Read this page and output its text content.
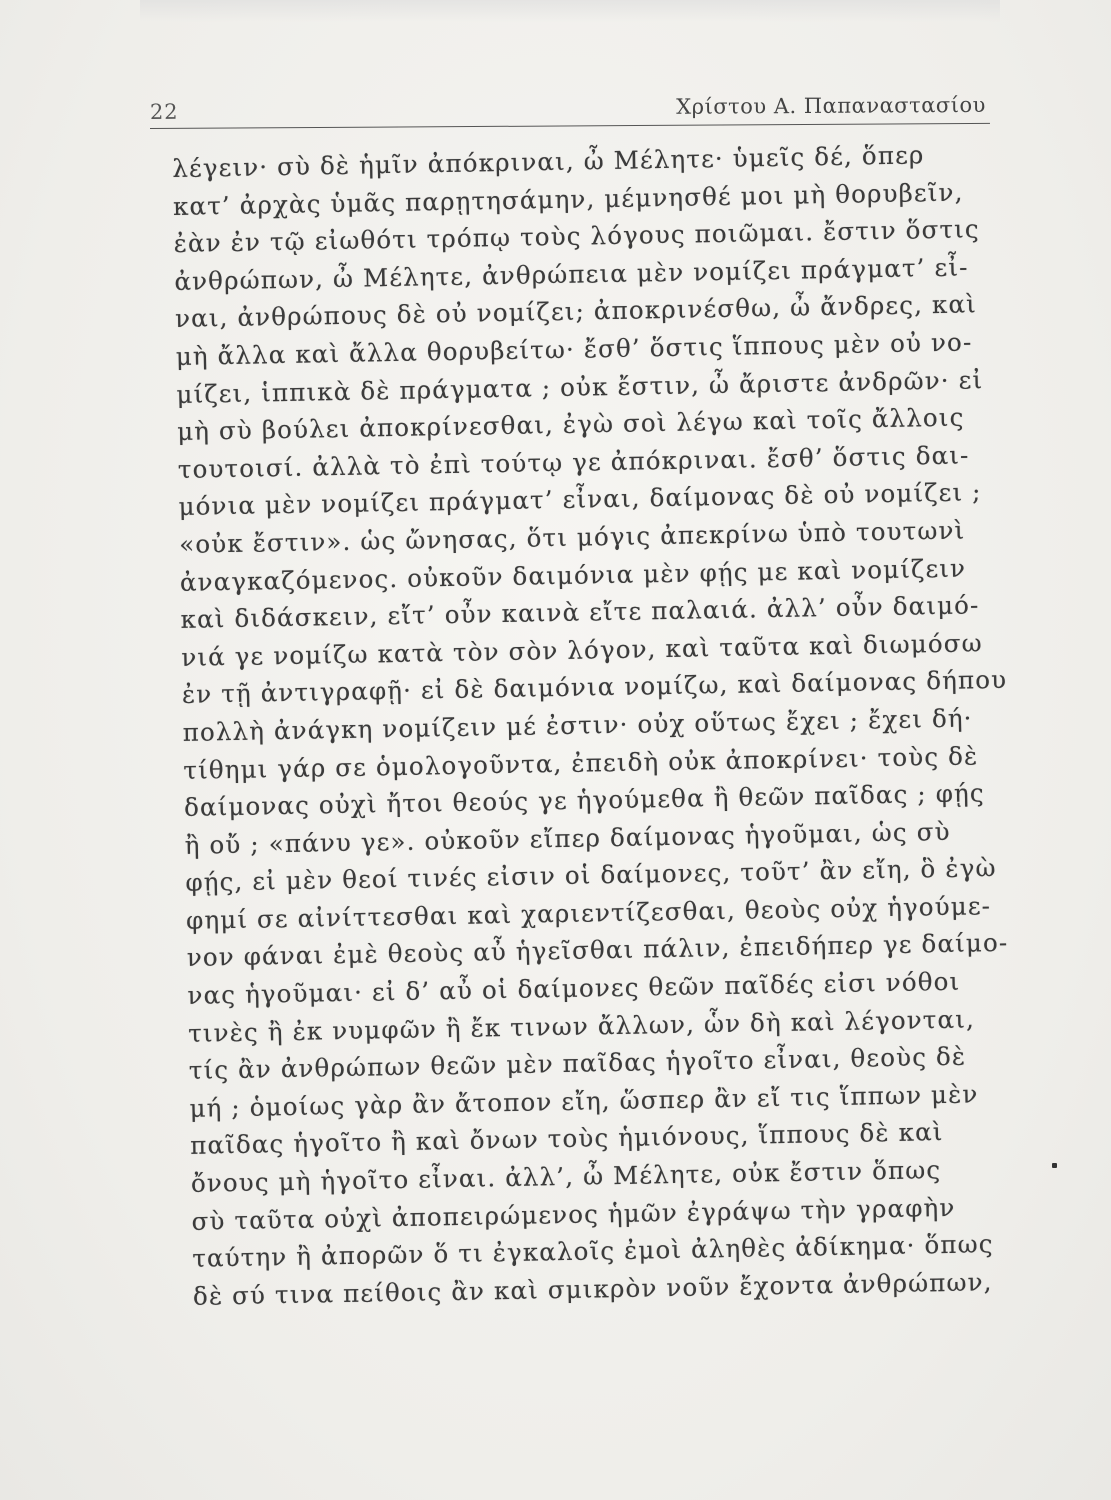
22	Χρίστου Α. Παπαναστασίου
λέγειν· σὺ δὲ ἡμῖν ἀπόκριναι, ὦ Μέλητε· ὑμεῖς δέ, ὅπερ
κατ’ ἀρχὰς ὑμᾶς παρῃτησάμην, μέμνησθέ μοι μὴ θορυβεῖν,
ἐὰν ἐν τῷ εἰωθότι τρόπῳ τοὺς λόγους ποιῶμαι. ἔστιν ὅστις
ἀνθρώπων, ὦ Μέλητε, ἀνθρώπεια μὲν νομίζει πράγματ’ εἶ-
ναι, ἀνθρώπους δὲ οὐ νομίζει; ἀποκρινέσθω, ὦ ἄνδρες, καὶ
μὴ ἄλλα καὶ ἄλλα θορυβείτω· ἔσθ’ ὅστις ἵππους μὲν οὐ νο-
μίζει, ἱππικὰ δὲ πράγματα ; οὐκ ἔστιν, ὦ ἄριστε ἀνδρῶν· εἰ
μὴ σὺ βούλει ἀποκρίνεσθαι, ἐγὼ σοὶ λέγω καὶ τοῖς ἄλλοις
τουτοισί. ἀλλὰ τὸ ἐπὶ τούτῳ γε ἀπόκριναι. ἔσθ’ ὅστις δαι-
μόνια μὲν νομίζει πράγματ’ εἶναι, δαίμονας δὲ οὐ νομίζει ;
«οὐκ ἔστιν». ὡς ὤνησας, ὅτι μόγις ἀπεκρίνω ὑπὸ τουτωνὶ
ἀναγκαζόμενος. οὐκοῦν δαιμόνια μὲν φῄς με καὶ νομίζειν
καὶ διδάσκειν, εἴτ’ οὖν καινὰ εἴτε παλαιά. ἀλλ’ οὖν δαιμό-
νιά γε νομίζω κατὰ τὸν σὸν λόγον, καὶ ταῦτα καὶ διωμόσω
ἐν τῇ ἀντιγραφῇ· εἰ δὲ δαιμόνια νομίζω, καὶ δαίμονας δήπου
πολλὴ ἀνάγκη νομίζειν μέ ἐστιν· οὐχ οὕτως ἔχει ; ἔχει δή·
τίθημι γάρ σε ὁμολογοῦντα, ἐπειδὴ οὐκ ἀποκρίνει· τοὺς δὲ
δαίμονας οὐχὶ ἤτοι θεούς γε ἡγούμεθα ἢ θεῶν παῖδας ; φῄς
ἢ οὔ ; «πάνυ γε». οὐκοῦν εἴπερ δαίμονας ἡγοῦμαι, ὡς σὺ
φῄς, εἰ μὲν θεοί τινές εἰσιν οἱ δαίμονες, τοῦτ’ ἂν εἴη, ὃ ἐγὼ
φημί σε αἰνίττεσθαι καὶ χαριεντίζεσθαι, θεοὺς οὐχ ἡγούμε-
νον φάναι ἐμὲ θεοὺς αὖ ἡγεῖσθαι πάλιν, ἐπειδήπερ γε δαίμο-
νας ἡγοῦμαι· εἰ δ’ αὖ οἱ δαίμονες θεῶν παῖδές εἰσι νόθοι
τινὲς ἢ ἐκ νυμφῶν ἢ ἔκ τινων ἄλλων, ὧν δὴ καὶ λέγονται,
τίς ἂν ἀνθρώπων θεῶν μὲν παῖδας ἡγοῖτο εἶναι, θεοὺς δὲ
μή ; ὁμοίως γὰρ ἂν ἄτοπον εἴη, ὥσπερ ἂν εἴ τις ἵππων μὲν
παῖδας ἡγοῖτο ἢ καὶ ὄνων τοὺς ἡμιόνους, ἵππους δὲ καὶ
ὄνους μὴ ἡγοῖτο εἶναι. ἀλλ’, ὦ Μέλητε, οὐκ ἔστιν ὅπως
σὺ ταῦτα οὐχὶ ἀποπειρώμενος ἡμῶν ἐγράψω τὴν γραφὴν
ταύτην ἢ ἀπορῶν ὅ τι ἐγκαλοῖς ἐμοὶ ἀληθὲς ἀδίκημα· ὅπως
δὲ σύ τινα πείθοις ἂν καὶ σμικρὸν νοῦν ἔχοντα ἀνθρώπων,
